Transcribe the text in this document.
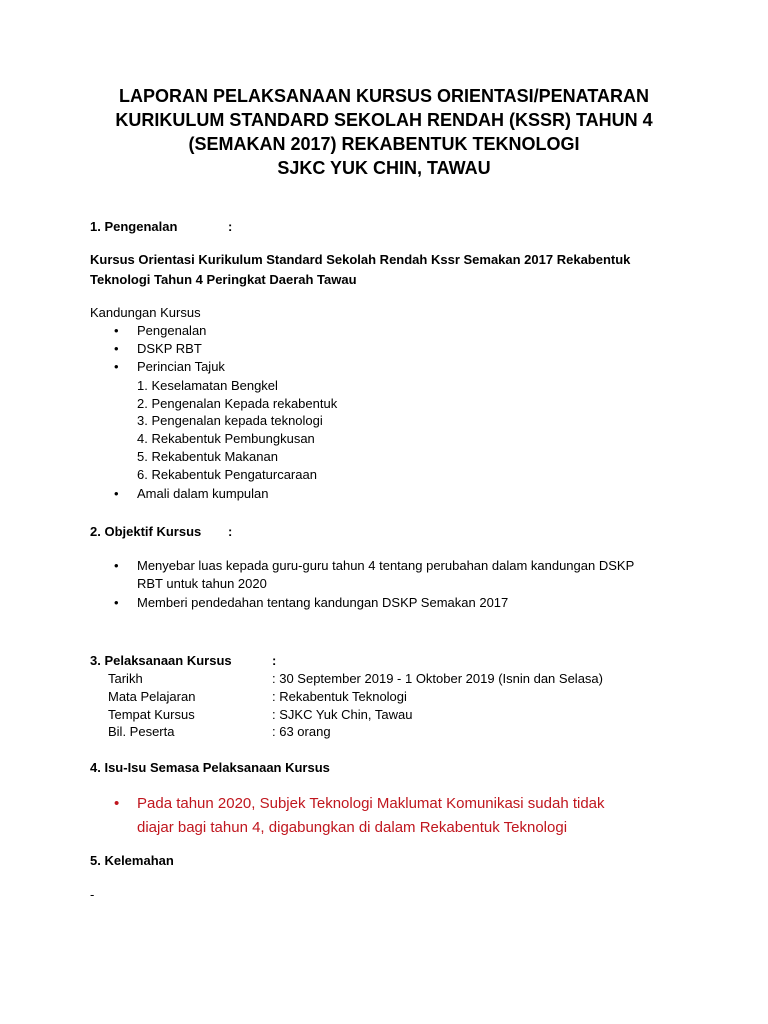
LAPORAN PELAKSANAAN KURSUS ORIENTASI/PENATARAN
KURIKULUM STANDARD SEKOLAH RENDAH (KSSR) TAHUN 4
(SEMAKAN 2017) REKABENTUK TEKNOLOGI
SJKC YUK CHIN, TAWAU
1. Pengenalan	:
Kursus Orientasi Kurikulum Standard Sekolah Rendah Kssr Semakan 2017 Rekabentuk Teknologi Tahun 4 Peringkat Daerah Tawau
Kandungan Kursus
• Pengenalan
• DSKP RBT
• Perincian Tajuk
1. Keselamatan Bengkel
2. Pengenalan Kepada rekabentuk
3. Pengenalan kepada teknologi
4. Rekabentuk Pembungkusan
5. Rekabentuk Makanan
6. Rekabentuk Pengaturcaraan
• Amali dalam kumpulan
2. Objektif Kursus :
• Menyebar luas kepada guru-guru tahun 4 tentang perubahan dalam kandungan DSKP
RBT untuk tahun 2020
• Memberi pendedahan tentang kandungan DSKP Semakan 2017
3. Pelaksanaan Kursus	:
Tarikh	: 30 September 2019 - 1 Oktober 2019 (Isnin dan Selasa)
Mata Pelajaran	: Rekabentuk Teknologi
Tempat Kursus	: SJKC Yuk Chin, Tawau
Bil. Peserta	: 63 orang
4. Isu-Isu Semasa Pelaksanaan Kursus
• Pada tahun 2020, Subjek Teknologi Maklumat Komunikasi sudah tidak
diajar bagi tahun 4, digabungkan di dalam Rekabentuk Teknologi
5. Kelemahan
-
